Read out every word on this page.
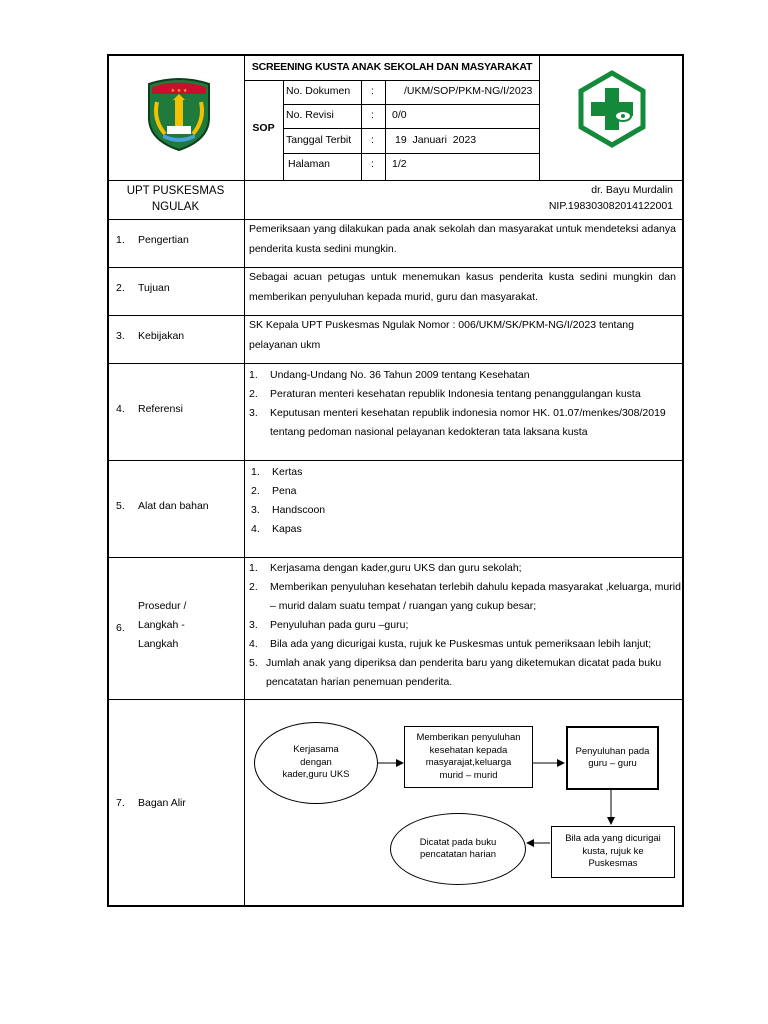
★ ★ ★
SCREENING KUSTA ANAK SEKOLAH DAN MASYARAKAT
SOP
No. Dokumen :	/UKM/SOP/PKM-NG/I/2023
No. Revisi	: 0/0
Tanggal Terbit : 19  Januari  2023
Halaman	: 1/2
UPT PUSKESMAS
NGULAK
dr. Bayu Murdalin
NIP.198303082014122001
1. Pengertian
Pemeriksaan yang dilakukan pada anak sekolah dan masyarakat untuk mendeteksi adanya penderita kusta sedini mungkin.
2. Tujuan
Sebagai acuan petugas untuk menemukan kasus penderita kusta sedini mungkin dan memberikan penyuluhan kepada murid, guru dan masyarakat.
3. Kebijakan
SK Kepala UPT Puskesmas Ngulak Nomor : 006/UKM/SK/PKM-NG/I/2023 tentang pelayanan ukm
4. Referensi
1. Undang-Undang No. 36 Tahun 2009 tentang Kesehatan
2. Peraturan menteri kesehatan republik Indonesia tentang penanggulangan kusta
3. Keputusan menteri kesehatan republik indonesia nomor HK. 01.07/menkes/308/2019
tentang pedoman nasional pelayanan kedokteran tata laksana kusta
5. Alat dan bahan
1. Kertas
2. Pena
3. Handscoon
4. Kapas
6.
Prosedur /
Langkah -
Langkah
1. Kerjasama dengan kader,guru UKS dan guru sekolah;
2. Memberikan penyuluhan kesehatan terlebih dahulu kepada masyarakat ,keluarga, murid
– murid dalam suatu tempat / ruangan yang cukup besar;
3. Penyuluhan pada guru –guru;
4. Bila ada yang dicurigai kusta, rujuk ke Puskesmas untuk pemeriksaan lebih lanjut;
5. Jumlah anak yang diperiksa dan penderita baru yang diketemukan dicatat pada buku
pencatatan harian penemuan penderita.
7. Bagan Alir
Kerjasama
dengan
kader,guru UKS
Memberikan penyuluhan
kesehatan kepada
masyarajat,keluarga
murid – murid
Penyuluhan pada
guru – guru
Bila ada yang dicurigai
kusta, rujuk ke
Puskesmas
Dicatat pada buku
pencatatan harian
